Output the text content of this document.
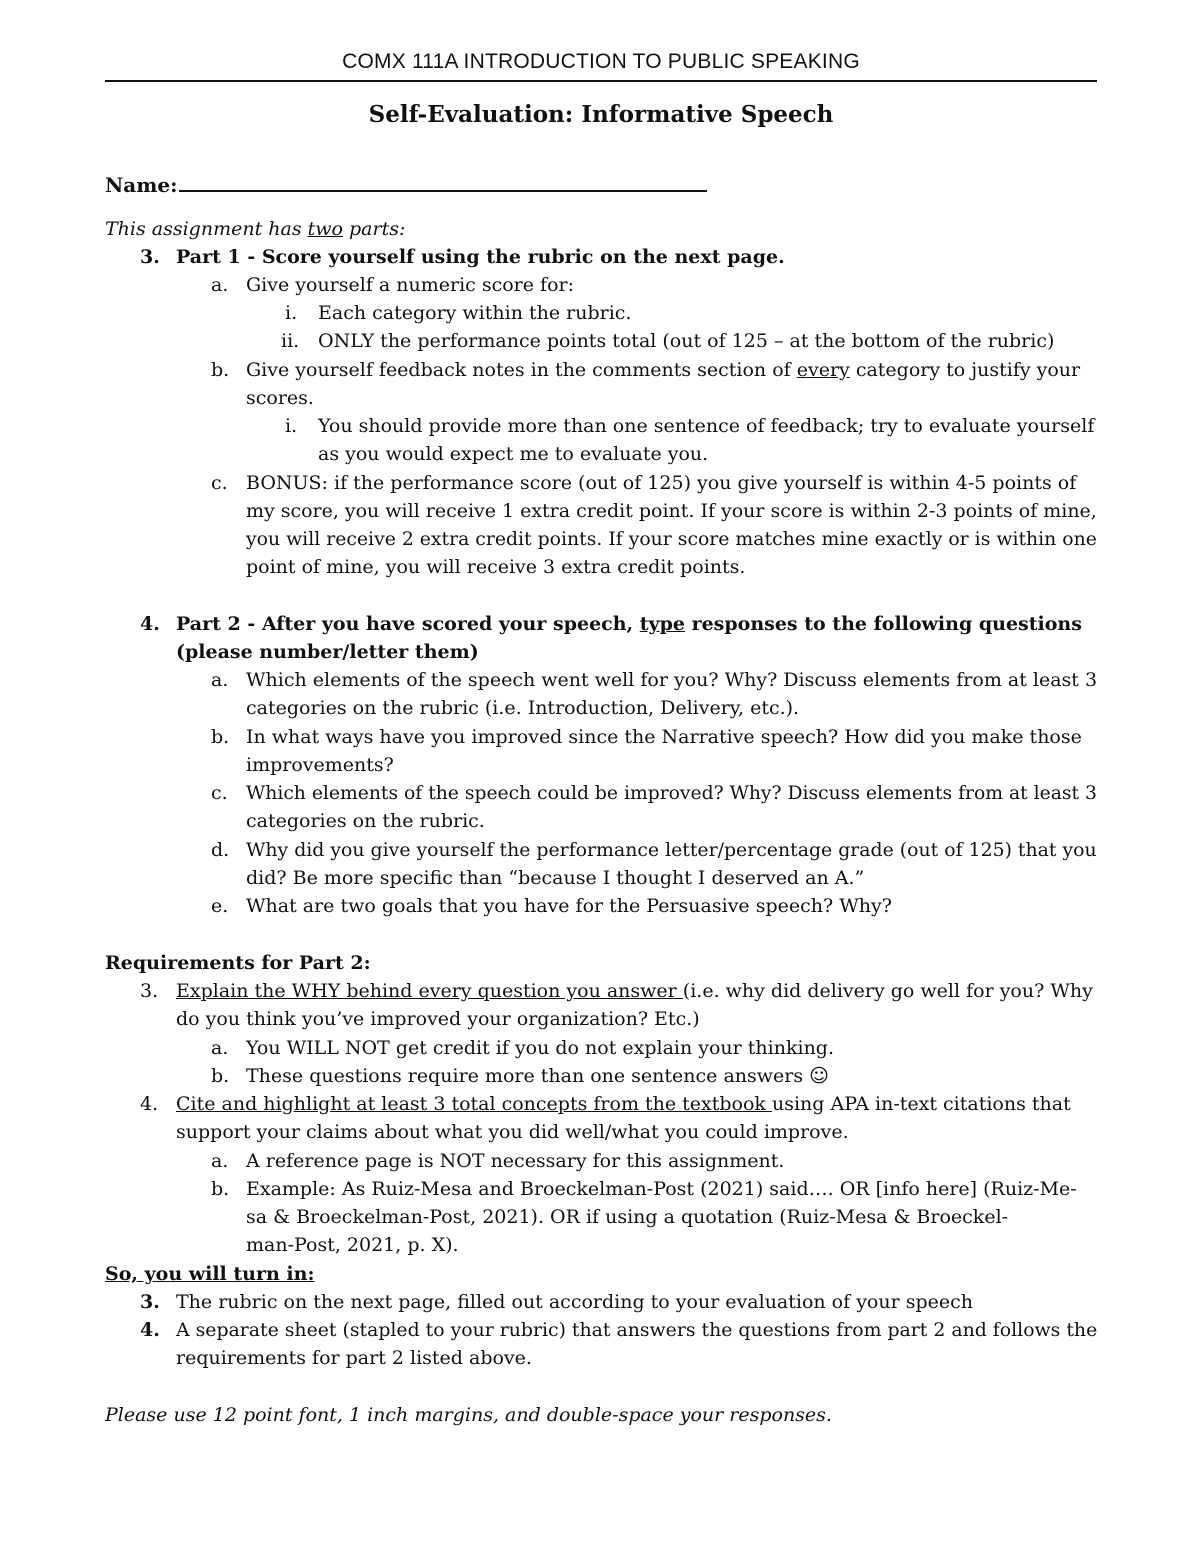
COMX 111A INTRODUCTION TO PUBLIC SPEAKING
Self-Evaluation: Informative Speech
Name:
This assignment has two parts:
3. Part 1 - Score yourself using the rubric on the next page.
a. Give yourself a numeric score for:
i. Each category within the rubric.
ii. ONLY the performance points total (out of 125 – at the bottom of the rubric)
b. Give yourself feedback notes in the comments section of every category to justify your
scores.
i. You should provide more than one sentence of feedback; try to evaluate yourself
as you would expect me to evaluate you.
c. BONUS: if the performance score (out of 125) you give yourself is within 4-5 points of
my score, you will receive 1 extra credit point. If your score is within 2-3 points of mine,
you will receive 2 extra credit points. If your score matches mine exactly or is within one
point of mine, you will receive 3 extra credit points.
4. Part 2 - After you have scored your speech, type responses to the following questions
(please number/letter them)
a. Which elements of the speech went well for you? Why? Discuss elements from at least 3
categories on the rubric (i.e. Introduction, Delivery, etc.).
b. In what ways have you improved since the Narrative speech? How did you make those
improvements?
c. Which elements of the speech could be improved? Why? Discuss elements from at least 3
categories on the rubric.
d. Why did you give yourself the performance letter/percentage grade (out of 125) that you
did? Be more specific than “because I thought I deserved an A.”
e. What are two goals that you have for the Persuasive speech? Why?
Requirements for Part 2:
3. Explain the WHY behind every question you answer (i.e. why did delivery go well for you? Why
do you think you’ve improved your organization? Etc.)
a. You WILL NOT get credit if you do not explain your thinking.
b. These questions require more than one sentence answers ☺
4. Cite and highlight at least 3 total concepts from the textbook using APA in-text citations that
support your claims about what you did well/what you could improve.
a. A reference page is NOT necessary for this assignment.
b. Example: As Ruiz-Mesa and Broeckelman-Post (2021) said…. OR [info here] (Ruiz-Me-
sa & Broeckelman-Post, 2021). OR if using a quotation (Ruiz-Mesa & Broeckel-
man-Post, 2021, p. X).
So, you will turn in:
3. The rubric on the next page, filled out according to your evaluation of your speech
4. A separate sheet (stapled to your rubric) that answers the questions from part 2 and follows the
requirements for part 2 listed above.
Please use 12 point font, 1 inch margins, and double-space your responses.
